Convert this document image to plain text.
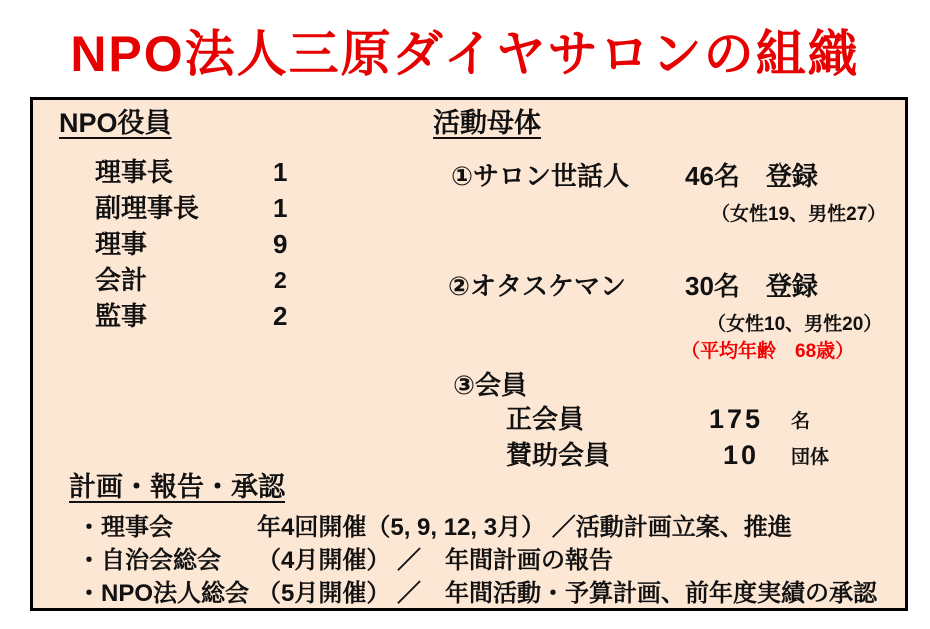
NPO法人三原ダイヤサロンの組織
NPO役員
理事長	1
副理事長	1
理事	9
会計	2
監事	2
活動母体
①サロン世話人 46名　登録
（女性19、男性27）
②オタスケマン 30名　登録
（女性10、男性20）
（平均年齢　68歳）
③会員
正会員	175 名
賛助会員	10 団体
計画・報告・承認
・理事会	年4回開催（5, 9, 12, 3月） ／活動計画立案、推進
・自治会総会 （4月開催） ／　年間計画の報告
・NPO法人総会 （5月開催） ／　年間活動・予算計画、前年度実績の承認
